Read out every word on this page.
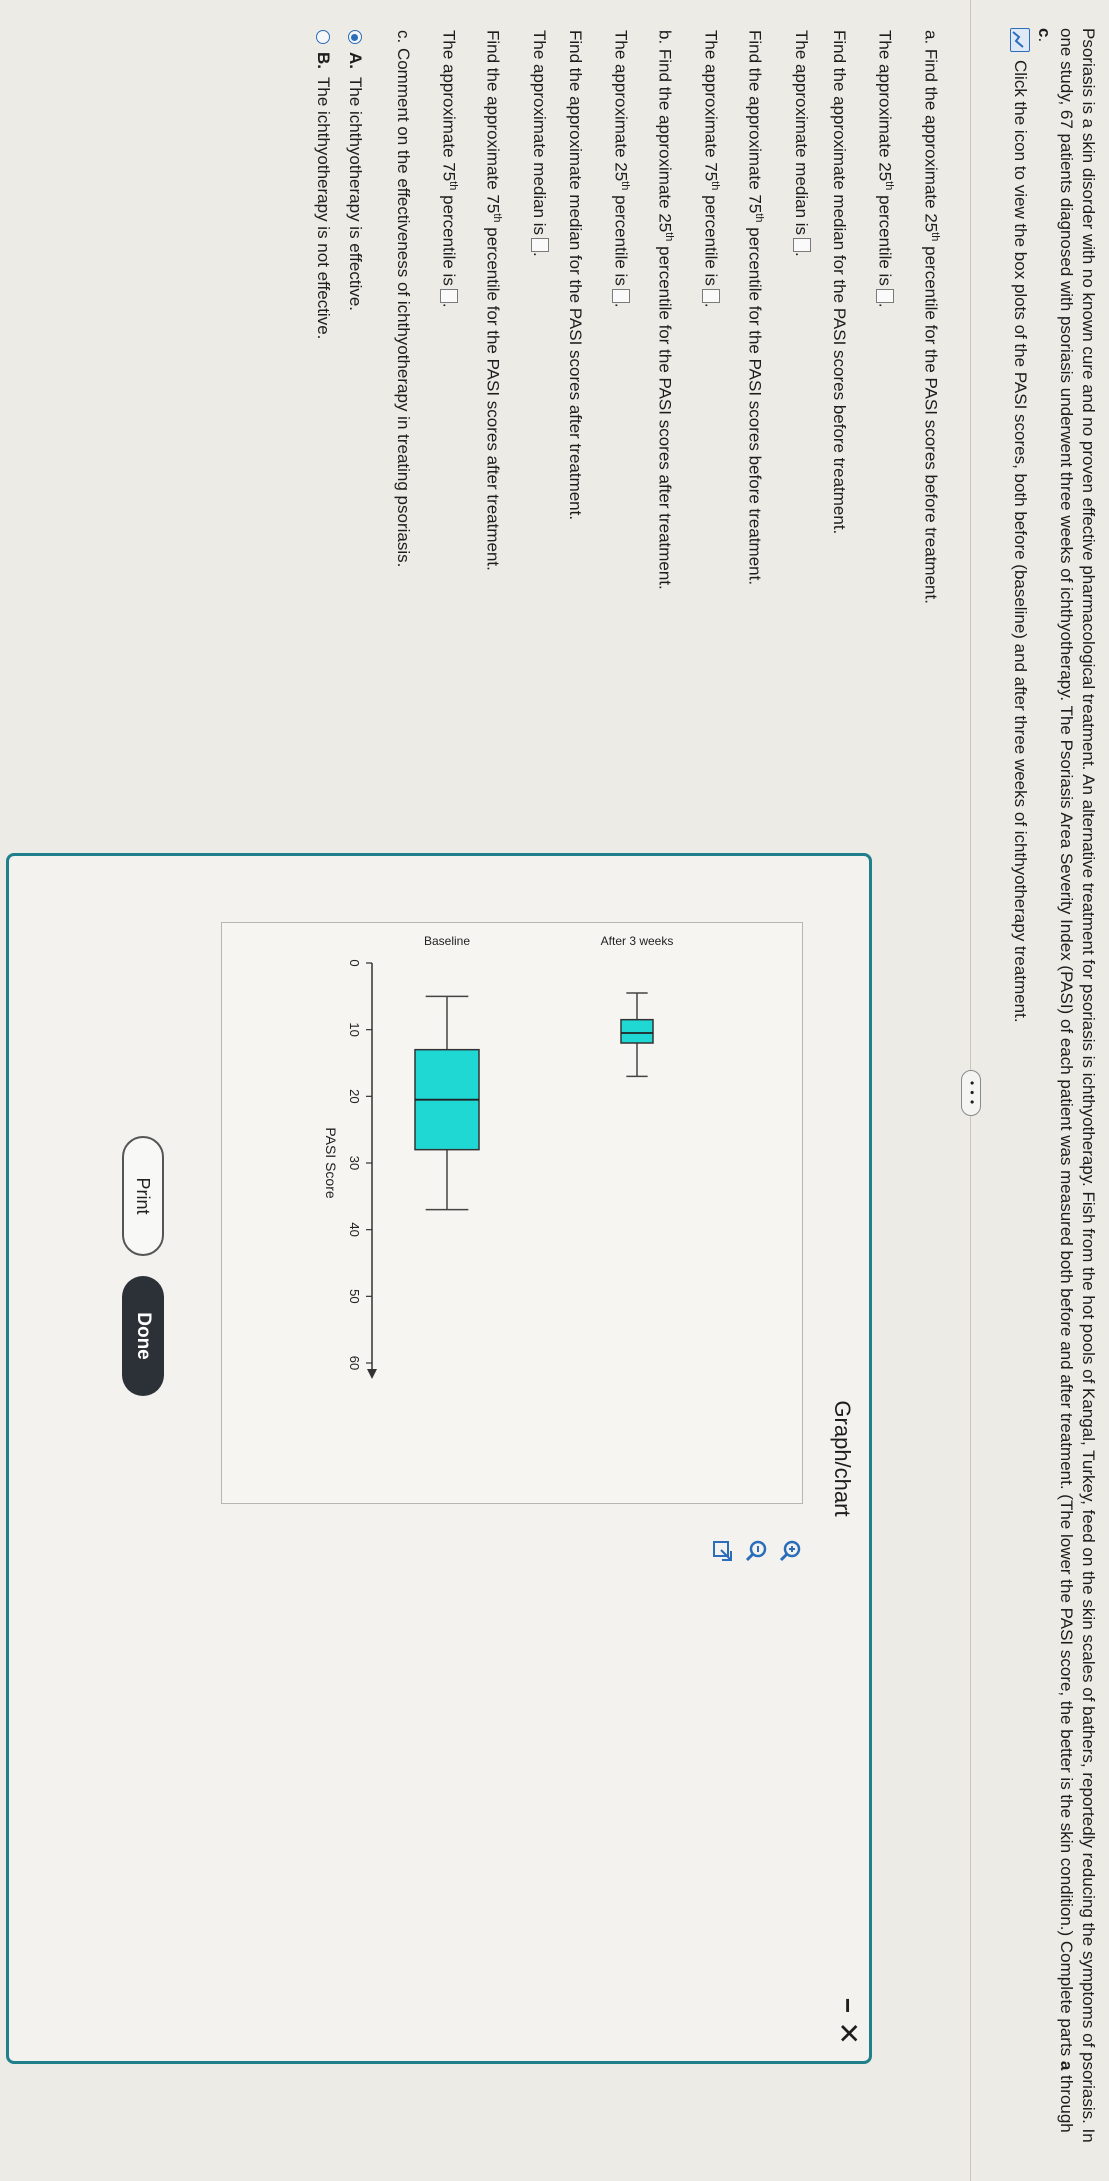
Psoriasis is a skin disorder with no known cure and no proven effective pharmacological treatment. An alternative treatment for psoriasis is ichthyotherapy. Fish from the hot pools of Kangal, Turkey, feed on the skin scales of bathers, reportedly reducing the symptoms of psoriasis. In one study, 67 patients diagnosed with psoriasis underwent three weeks of ichthyotherapy. The Psoriasis Area Severity Index (PASI) of each patient was measured both before and after treatment. (The lower the PASI score, the better is the skin condition.) Complete parts a through c.

Click the icon to view the box plots of the PASI scores, both before (baseline) and after three weeks of ichthyotherapy treatment.
• • •
a. Find the approximate 25th percentile for the PASI scores before treatment.
The approximate 25th percentile is.
Find the approximate median for the PASI scores before treatment.
The approximate median is.
Find the approximate 75th percentile for the PASI scores before treatment.
The approximate 75th percentile is.
b. Find the approximate 25th percentile for the PASI scores after treatment.
The approximate 25th percentile is.
Find the approximate median for the PASI scores after treatment.
The approximate median is.
Find the approximate 75th percentile for the PASI scores after treatment.
The approximate 75th percentile is.
c. Comment on the effectiveness of ichthyotherapy in treating psoriasis.
A.
The ichthyotherapy is effective.
B.
The ichthyotherapy is not effective.
Graph/chart
−
✕
0
10
20
30
40
50
60
PASI Score
Baseline	After 3 weeks
Print
Done
